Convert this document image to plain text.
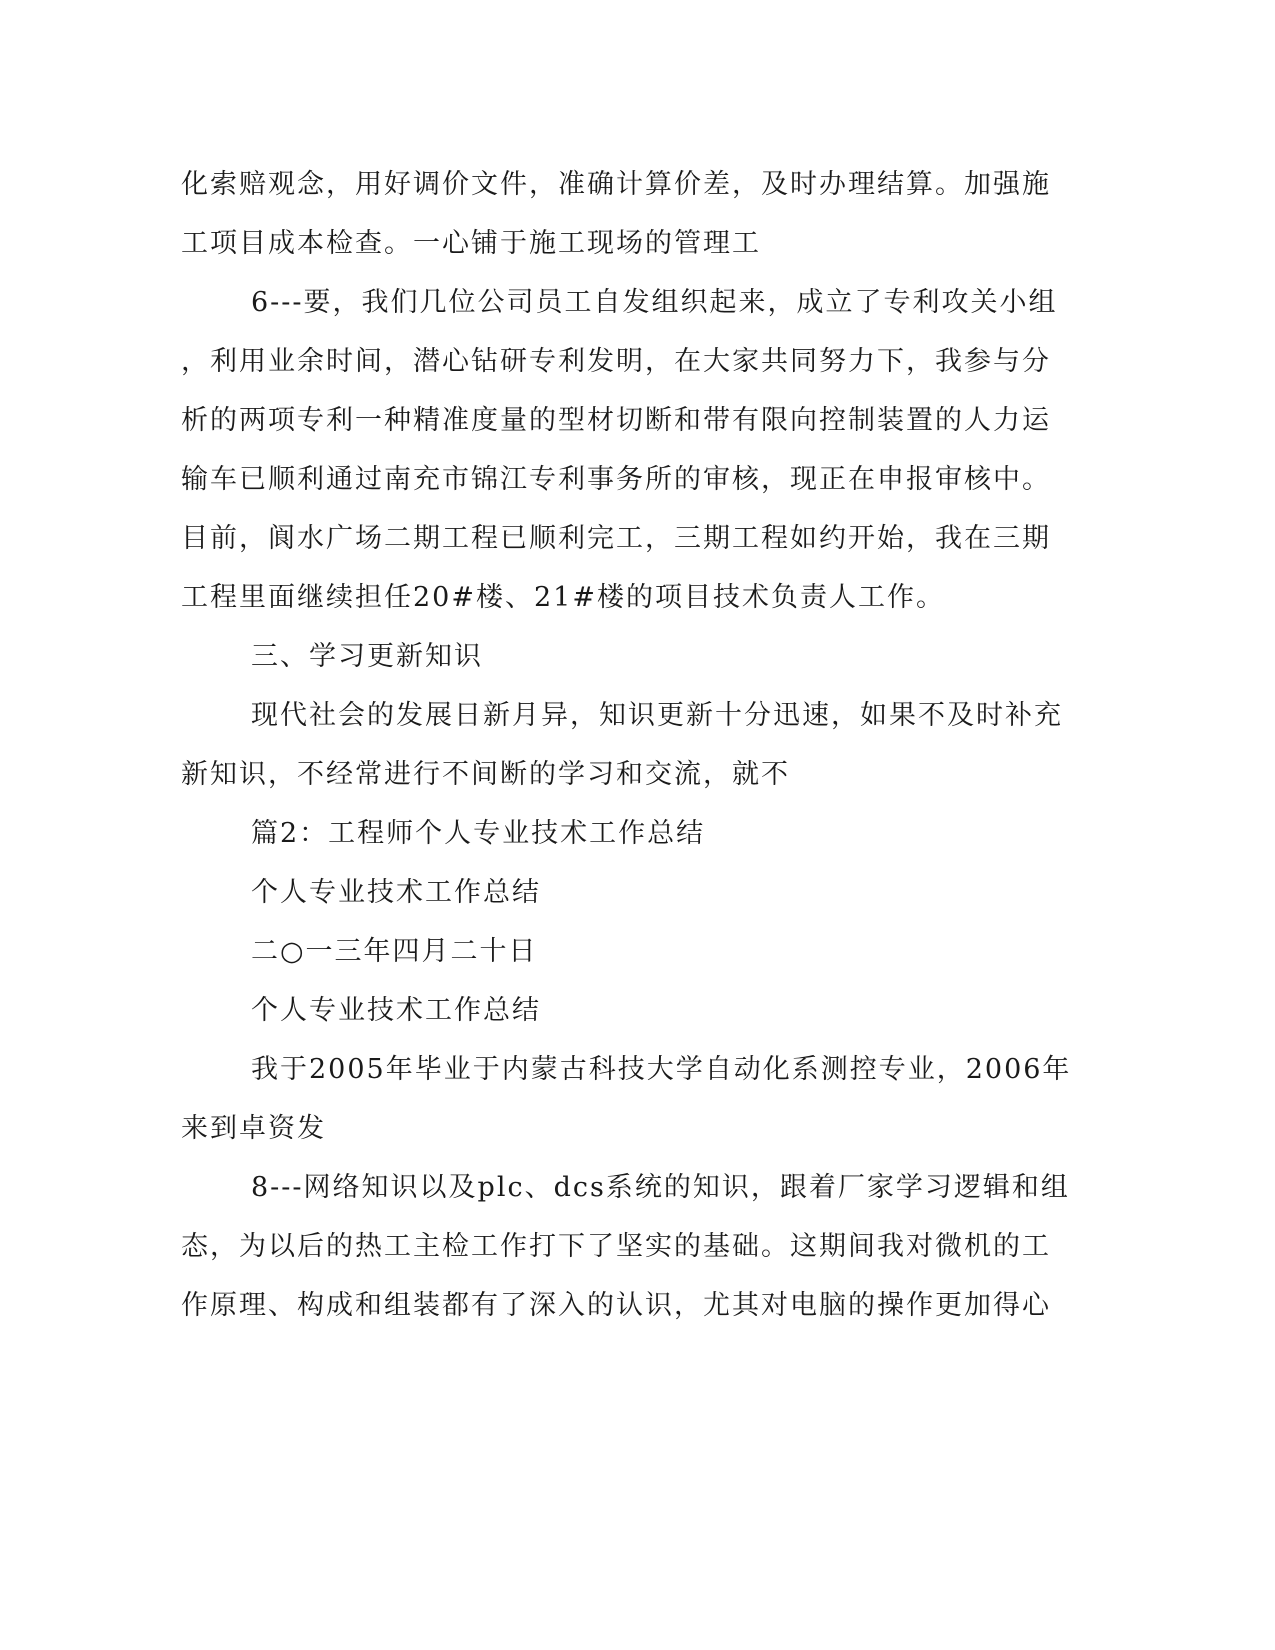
化索赔观念，用好调价文件，准确计算价差，及时办理结算。加强施
工项目成本检查。一心铺于施工现场的管理工
6---要，我们几位公司员工自发组织起来，成立了专利攻关小组
，利用业余时间，潜心钻研专利发明，在大家共同努力下，我参与分
析的两项专利一种精准度量的型材切断和带有限向控制装置的人力运
输车已顺利通过南充市锦江专利事务所的审核，现正在申报审核中。
目前，阆水广场二期工程已顺利完工，三期工程如约开始，我在三期
工程里面继续担任20#楼、21#楼的项目技术负责人工作。
三、学习更新知识
现代社会的发展日新月异，知识更新十分迅速，如果不及时补充
新知识，不经常进行不间断的学习和交流，就不
篇2：工程师个人专业技术工作总结
个人专业技术工作总结
二○一三年四月二十日
个人专业技术工作总结
我于2005年毕业于内蒙古科技大学自动化系测控专业，2006年
来到卓资发
8---网络知识以及plc、dcs系统的知识，跟着厂家学习逻辑和组
态，为以后的热工主检工作打下了坚实的基础。这期间我对微机的工
作原理、构成和组装都有了深入的认识，尤其对电脑的操作更加得心
